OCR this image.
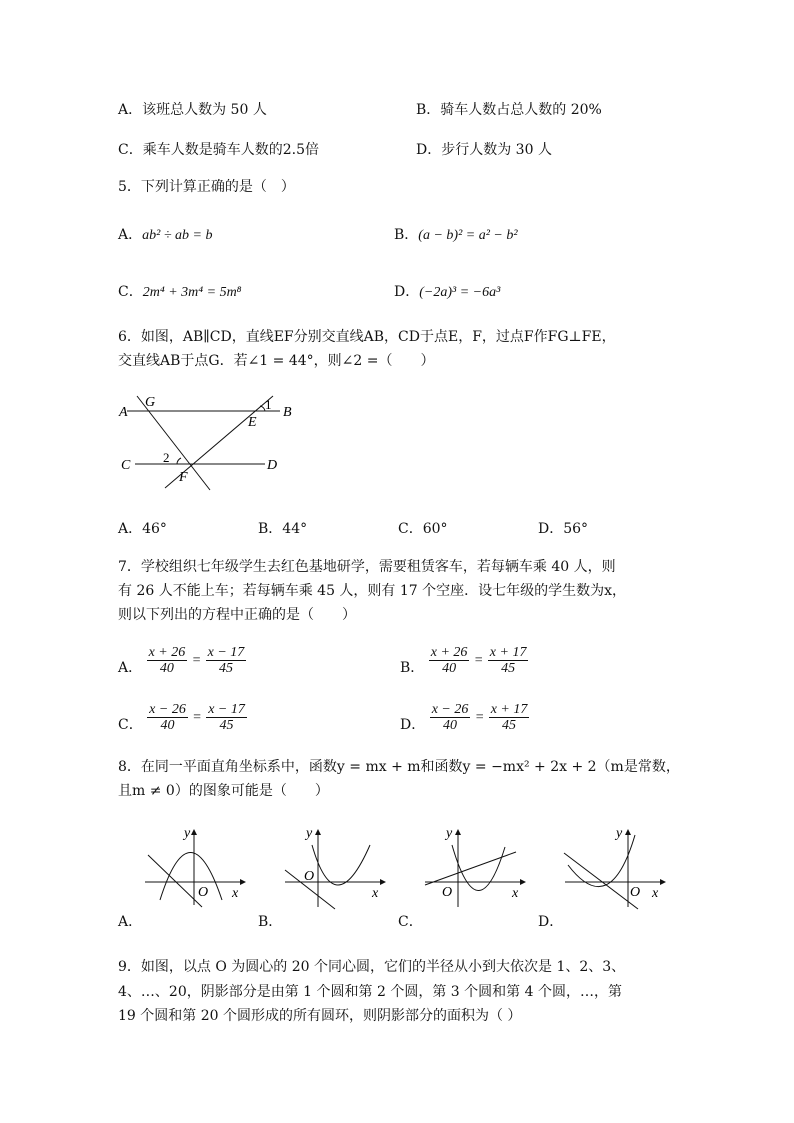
A．该班总人数为 50 人	B．骑车人数占总人数的 20%
C．乘车人数是骑车人数的2.5倍	D．步行人数为 30 人
5．下列计算正确的是（　）
A．ab² ÷ ab = b	B．(a − b)² = a² − b²
C．2m⁴ + 3m⁴ = 5m⁸	D．(−2a)³ = −6a³
6．如图，AB∥CD，直线EF分别交直线AB，CD于点E，F，过点F作FG⊥FE，
交直线AB于点G．若∠1 = 44°，则∠2 =（　　）
A
G	1
B
E
C
2
F
D
A．46°	B．44°	C．60°	D．56°
7．学校组织七年级学生去红色基地研学，需要租赁客车，若每辆车乘 40 人，则
有 26 人不能上车；若每辆车乘 45 人，则有 17 个空座．设七年级的学生数为x，
则以下列出的方程中正确的是（　　）
A． $\frac{x + 26}{40} = \frac{x - 17}{45}$	B． $\frac{x + 26}{40} = \frac{x + 17}{45}$
C． $\frac{x - 26}{40} = \frac{x - 17}{45}$	D． $\frac{x - 26}{40} = \frac{x + 17}{45}$
8．在同一平面直角坐标系中，函数y = mx + m和函数y = −mx² + 2x + 2（m是常数，
且m ≠ 0）的图象可能是（　　）
y
x
O
A．
y
x
O
B．
y
x
O
C．
y
x
O
D．
9．如图，以点 O 为圆心的 20 个同心圆，它们的半径从小到大依次是 1、2、3、
4、…、20，阴影部分是由第 1 个圆和第 2 个圆，第 3 个圆和第 4 个圆，…，第
19 个圆和第 20 个圆形成的所有圆环，则阴影部分的面积为（ ）
